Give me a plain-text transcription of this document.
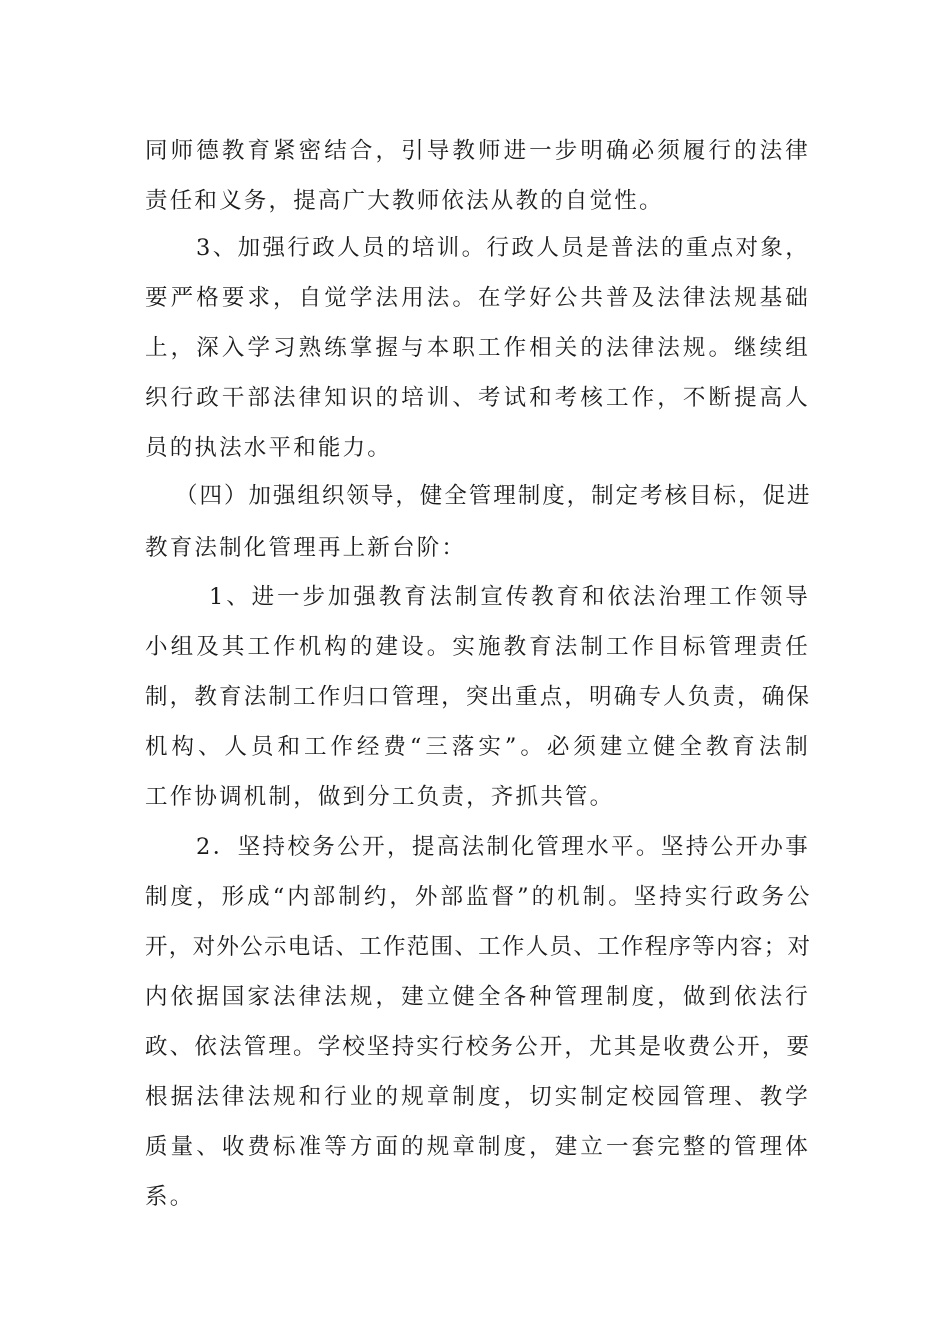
同师德教育紧密结合，引导教师进一步明确必须履行的法律
责任和义务，提高广大教师依法从教的自觉性。
3、加强行政人员的培训。行政人员是普法的重点对象，
要严格要求，自觉学法用法。在学好公共普及法律法规基础
上，深入学习熟练掌握与本职工作相关的法律法规。继续组
织行政干部法律知识的培训、考试和考核工作，不断提高人
员的执法水平和能力。
（四）加强组织领导，健全管理制度，制定考核目标，促进
教育法制化管理再上新台阶：
1、进一步加强教育法制宣传教育和依法治理工作领导
小组及其工作机构的建设。实施教育法制工作目标管理责任
制，教育法制工作归口管理，突出重点，明确专人负责，确保
机构、人员和工作经费“三落实”。必须建立健全教育法制
工作协调机制，做到分工负责，齐抓共管。
2．坚持校务公开，提高法制化管理水平。坚持公开办事
制度，形成“内部制约，外部监督”的机制。坚持实行政务公
开，对外公示电话、工作范围、工作人员、工作程序等内容；对
内依据国家法律法规，建立健全各种管理制度，做到依法行
政、依法管理。学校坚持实行校务公开，尤其是收费公开，要
根据法律法规和行业的规章制度，切实制定校园管理、教学
质量、收费标准等方面的规章制度，建立一套完整的管理体
系。
